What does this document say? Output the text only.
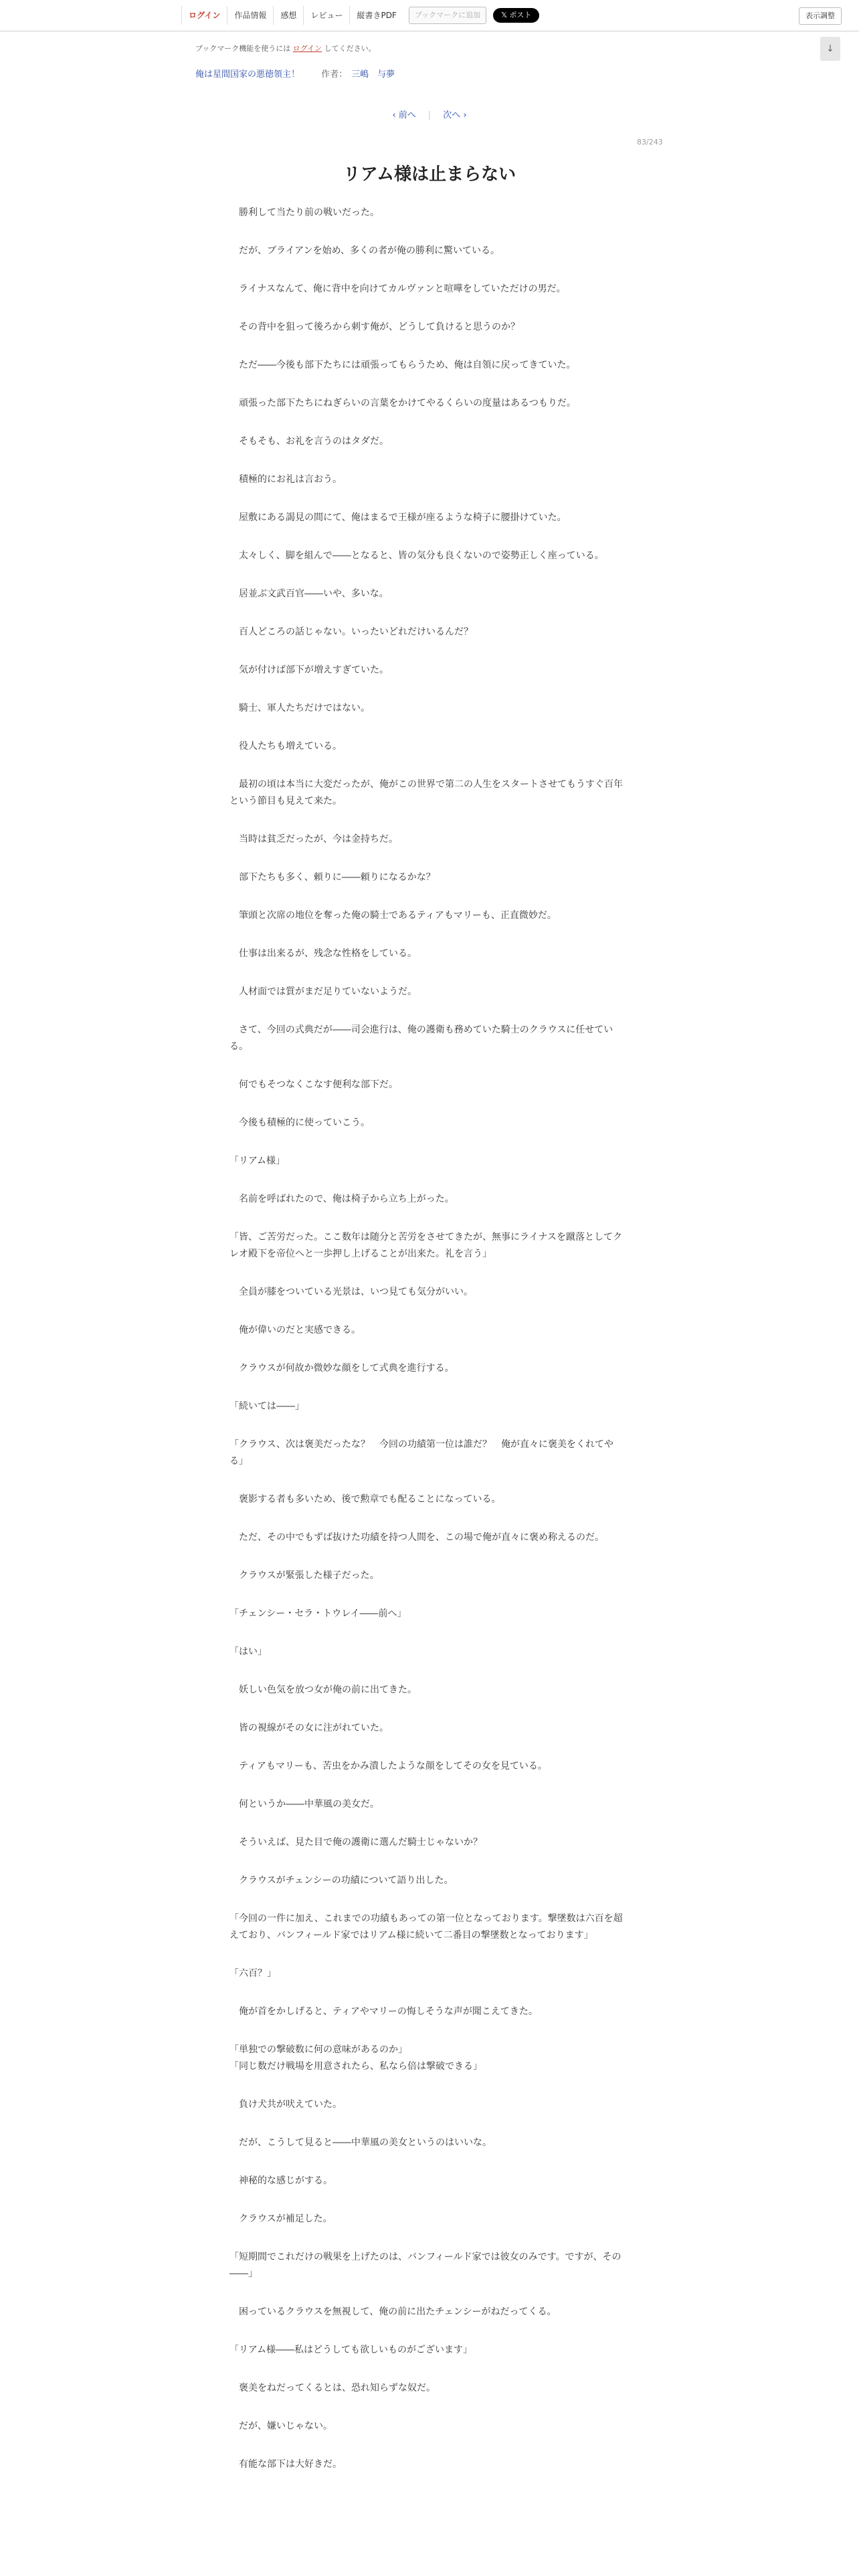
ログイン	作品情報	感想	レビュー	縦書きPDF	ブックマークに追加	𝕏 ポスト	表示調整
ブックマーク機能を使うには ログイン してください。	↓
俺は星間国家の悪徳領主！ 作者： 三嶋　与夢
‹ 前へ | 次へ ›
83/243
リアム様は止まらない

　勝利して当たり前の戦いだった。

　だが、ブライアンを始め、多くの者が俺の勝利に驚いている。

　ライナスなんて、俺に背中を向けてカルヴァンと喧嘩をしていただけの男だ。

　その背中を狙って後ろから刺す俺が、どうして負けると思うのか？

　ただ――今後も部下たちには頑張ってもらうため、俺は自領に戻ってきていた。

　頑張った部下たちにねぎらいの言葉をかけてやるくらいの度量はあるつもりだ。

　そもそも、お礼を言うのはタダだ。

　積極的にお礼は言おう。

　屋敷にある謁見の間にて、俺はまるで王様が座るような椅子に腰掛けていた。

　太々しく、脚を組んで――となると、皆の気分も良くないので姿勢正しく座っている。

　居並ぶ文武百官――いや、多いな。

　百人どころの話じゃない。いったいどれだけいるんだ？

　気が付けば部下が増えすぎていた。

　騎士、軍人たちだけではない。

　役人たちも増えている。

　最初の頃は本当に大変だったが、俺がこの世界で第二の人生をスタートさせてもうすぐ百年という節目も見えて来た。

　当時は貧乏だったが、今は金持ちだ。

　部下たちも多く、頼りに――頼りになるかな？

　筆頭と次席の地位を奪った俺の騎士であるティアもマリーも、正直微妙だ。

　仕事は出来るが、残念な性格をしている。

　人材面では質がまだ足りていないようだ。

　さて、今回の式典だが――司会進行は、俺の護衛も務めていた騎士のクラウスに任せている。

　何でもそつなくこなす便利な部下だ。

　今後も積極的に使っていこう。

「リアム様」

　名前を呼ばれたので、俺は椅子から立ち上がった。

「皆、ご苦労だった。ここ数年は随分と苦労をさせてきたが、無事にライナスを蹴落としてクレオ殿下を帝位へと一歩押し上げることが出来た。礼を言う」

　全員が膝をついている光景は、いつ見ても気分がいい。

　俺が偉いのだと実感できる。

　クラウスが何故か微妙な顔をして式典を進行する。

「続いては――」

「クラウス、次は褒美だったな？　今回の功績第一位は誰だ？　俺が直々に褒美をくれてやる」

　褒影する者も多いため、後で勲章でも配ることになっている。

　ただ、その中でもずば抜けた功績を持つ人間を、この場で俺が直々に褒め称えるのだ。

　クラウスが緊張した様子だった。

「チェンシー・セラ・トウレイ――前へ」

「はい」

　妖しい色気を放つ女が俺の前に出てきた。

　皆の視線がその女に注がれていた。

　ティアもマリーも、苦虫をかみ潰したような顔をしてその女を見ている。

　何というか――中華風の美女だ。

　そういえば、見た目で俺の護衛に選んだ騎士じゃないか？

　クラウスがチェンシーの功績について語り出した。

「今回の一件に加え、これまでの功績もあっての第一位となっております。撃墜数は六百を超えており、バンフィールド家ではリアム様に続いて二番目の撃墜数となっております」

「六百？」

　俺が首をかしげると、ティアやマリーの悔しそうな声が聞こえてきた。

「単独での撃破数に何の意味があるのか」
「同じ数だけ戦場を用意されたら、私なら倍は撃破できる」

　負け犬共が吠えていた。

　だが、こうして見ると――中華風の美女というのはいいな。

　神秘的な感じがする。

　クラウスが補足した。

「短期間でこれだけの戦果を上げたのは、バンフィールド家では彼女のみです。ですが、その――」

　困っているクラウスを無視して、俺の前に出たチェンシーがねだってくる。

「リアム様――私はどうしても欲しいものがございます」

　褒美をねだってくるとは、恐れ知らずな奴だ。

　だが、嫌いじゃない。

　有能な部下は大好きだ。
